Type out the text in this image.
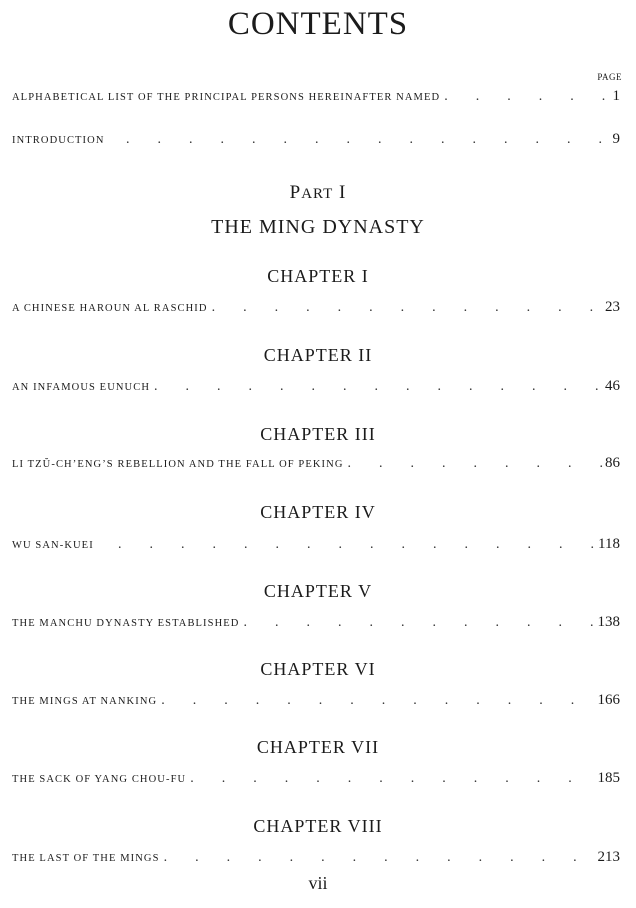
CONTENTS
PAGE
ALPHABETICAL LIST OF THE PRINCIPAL PERSONS HEREINAFTER NAMED .	1
INTRODUCTION .	9
PART I
THE MING DYNASTY
CHAPTER I
A CHINESE HAROUN AL RASCHID .	23
CHAPTER II
AN INFAMOUS EUNUCH .	46
CHAPTER III
LI TZŬ-CH’ENG’S REBELLION AND THE FALL OF PEKING .	86
CHAPTER IV
WU SAN-KUEI .	118
CHAPTER V
THE MANCHU DYNASTY ESTABLISHED .	138
CHAPTER VI
THE MINGS AT NANKING .	166
CHAPTER VII
THE SACK OF YANG CHOU-FU .	185
CHAPTER VIII
THE LAST OF THE MINGS .	213
vii
